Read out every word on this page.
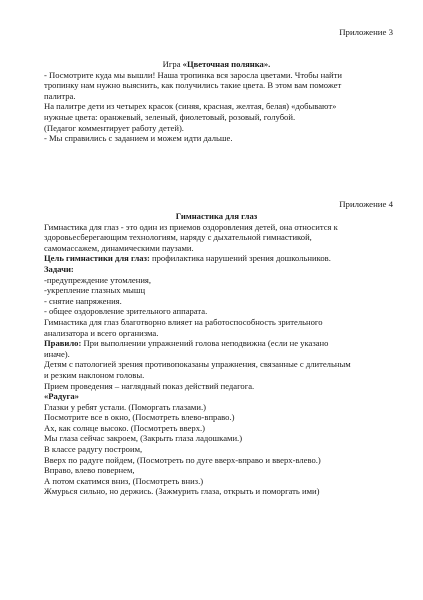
Приложение 3

Игра «Цветочная полянка».

- Посмотрите куда мы вышли! Наша тропинка вся заросла цветами. Чтобы найти

тропинку нам нужно выяснить, как получились такие цвета. В этом вам поможет

палитра.

На палитре дети из четырех красок (синяя, красная, желтая, белая) «добывают»

нужные цвета: оранжевый, зеленый, фиолетовый, розовый, голубой.

(Педагог комментирует работу детей).

- Мы справились с заданием и можем идти дальше.

Приложение 4

Гимнастика для глаз

Гимнастика для глаз - это один из приемов оздоровления детей, она относится к

здоровьесберегающим технологиям, наряду с дыхательной гимнастикой,

самомассажем, динамическими паузами.

Цель гимнастики для глаз: профилактика нарушений зрения дошкольников.

Задачи:

-предупреждение утомления,

-укрепление глазных мышц

- снятие напряжения.

- общее оздоровление зрительного аппарата.

Гимнастика для глаз благотворно влияет на работоспособность зрительного

анализатора и всего организма.

Правило: При выполнении упражнений голова неподвижна (если не указано

иначе).

Детям с патологией зрения противопоказаны упражнения, связанные с длительным

и резким наклоном головы.

Прием проведения – наглядный показ действий педагога.

«Радуга»

Глазки у ребят устали. (Поморгать глазами.)

Посмотрите все в окно, (Посмотреть влево-вправо.)

Ах, как солнце высоко. (Посмотреть вверх.)

Мы глаза сейчас закроем, (Закрыть глаза ладошками.)

В классе радугу построим,

Вверх по радуге пойдем, (Посмотреть по дуге вверх-вправо и вверх-влево.)

Вправо, влево повернем,

А потом скатимся вниз, (Посмотреть вниз.)

Жмурься сильно, но держись. (Зажмурить глаза, открыть и поморгать ими)
